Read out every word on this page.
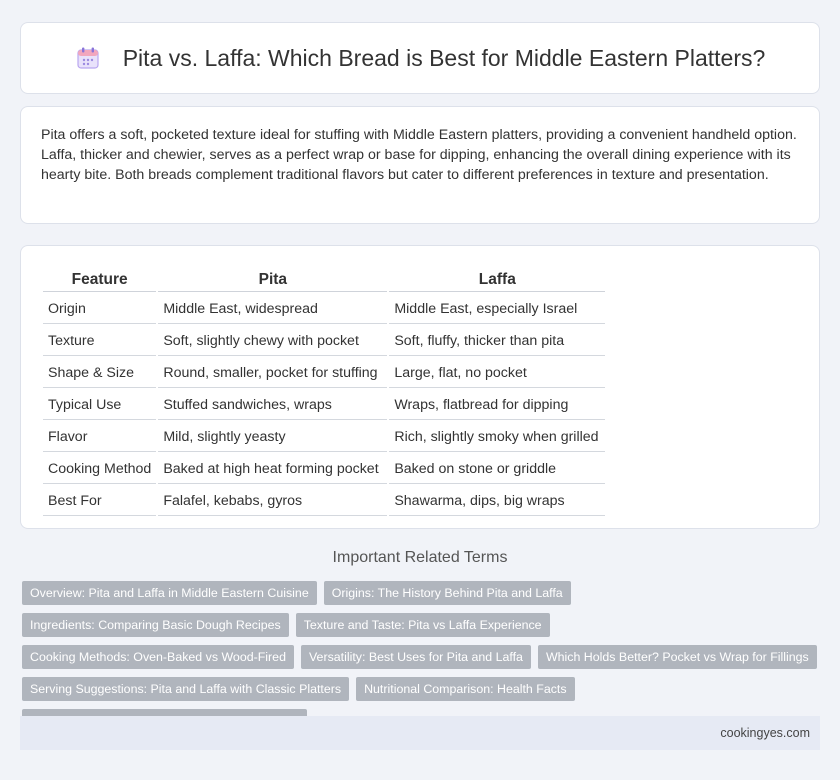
Pita vs. Laffa: Which Bread is Best for Middle Eastern Platters?

Pita offers a soft, pocketed texture ideal for stuffing with Middle Eastern platters, providing a convenient handheld option. Laffa, thicker and chewier, serves as a perfect wrap or base for dipping, enhancing the overall dining experience with its hearty bite. Both breads complement traditional flavors but cater to different preferences in texture and presentation.

Feature	Pita	Laffa
Origin	Middle East, widespread	Middle East, especially Israel
Texture	Soft, slightly chewy with pocket	Soft, fluffy, thicker than pita
Shape & Size	Round, smaller, pocket for stuffing	Large, flat, no pocket
Typical Use	Stuffed sandwiches, wraps	Wraps, flatbread for dipping
Flavor	Mild, slightly yeasty	Rich, slightly smoky when grilled
Cooking Method	Baked at high heat forming pocket	Baked on stone or griddle
Best For	Falafel, kebabs, gyros	Shawarma, dips, big wraps
Important Related Terms
Overview: Pita and Laffa in Middle Eastern Cuisine	Origins: The History Behind Pita and Laffa
Ingredients: Comparing Basic Dough Recipes	Texture and Taste: Pita vs Laffa Experience
Cooking Methods: Oven-Baked vs Wood-Fired	Versatility: Best Uses for Pita and Laffa	Which Holds Better? Pocket vs Wrap for Fillings
Serving Suggestions: Pita and Laffa with Classic Platters	Nutritional Comparison: Health Facts
cookingyes.com
